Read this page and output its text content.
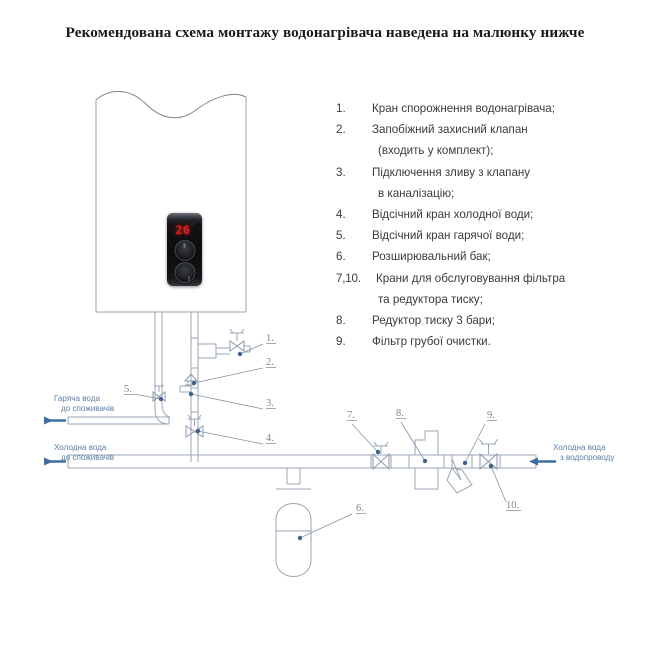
Рекомендована схема монтажу водонагрівача наведена на малюнку нижче
1.
2.
3.
4.
5.
6.
7.	8.	9.
10.
26 °
Гаряча вода
до споживачів
Холодна вода
до споживачів
Холодна вода
з водопроводу
1.	Кран спорожнення водонагрівача;
2.	Запобіжний захисний клапан
(входить у комплект);
3.	Підключення зливу з клапану
в каналізацію;
4.	Відсічний кран холодної води;
5.	Відсічний кран гарячої води;
6.	Розширювальний бак;
7,10.	Крани для обслуговування фільтра
та редуктора тиску;
8.	Редуктор тиску 3 бари;
9.	Фільтр грубої очистки.
